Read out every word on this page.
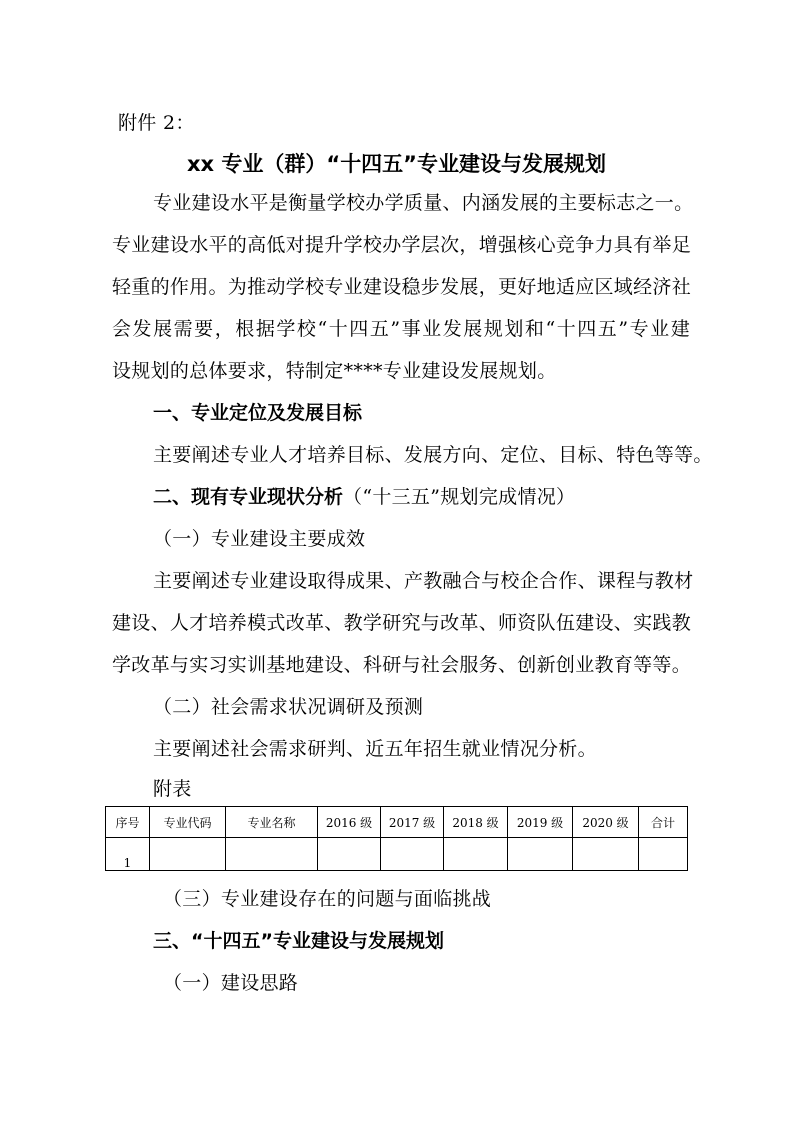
附件 2：
xx 专业（群）“十四五”专业建设与发展规划
专业建设水平是衡量学校办学质量、内涵发展的主要标志之一。
专业建设水平的高低对提升学校办学层次，增强核心竞争力具有举足
轻重的作用。为推动学校专业建设稳步发展，更好地适应区域经济社
会发展需要，根据学校“十四五”事业发展规划和“十四五”专业建
设规划的总体要求，特制定****专业建设发展规划。
一、专业定位及发展目标
主要阐述专业人才培养目标、发展方向、定位、目标、特色等等。
二、现有专业现状分析（“十三五”规划完成情况）
（一）专业建设主要成效
主要阐述专业建设取得成果、产教融合与校企合作、课程与教材
建设、人才培养模式改革、教学研究与改革、师资队伍建设、实践教
学改革与实习实训基地建设、科研与社会服务、创新创业教育等等。
（二）社会需求状况调研及预测
主要阐述社会需求研判、近五年招生就业情况分析。
附表
序号	专业代码	专业名称	2016 级	2017 级	2018 级	2019 级	2020 级	合计
1								
（三）专业建设存在的问题与面临挑战
三、“十四五”专业建设与发展规划
（一）建设思路
